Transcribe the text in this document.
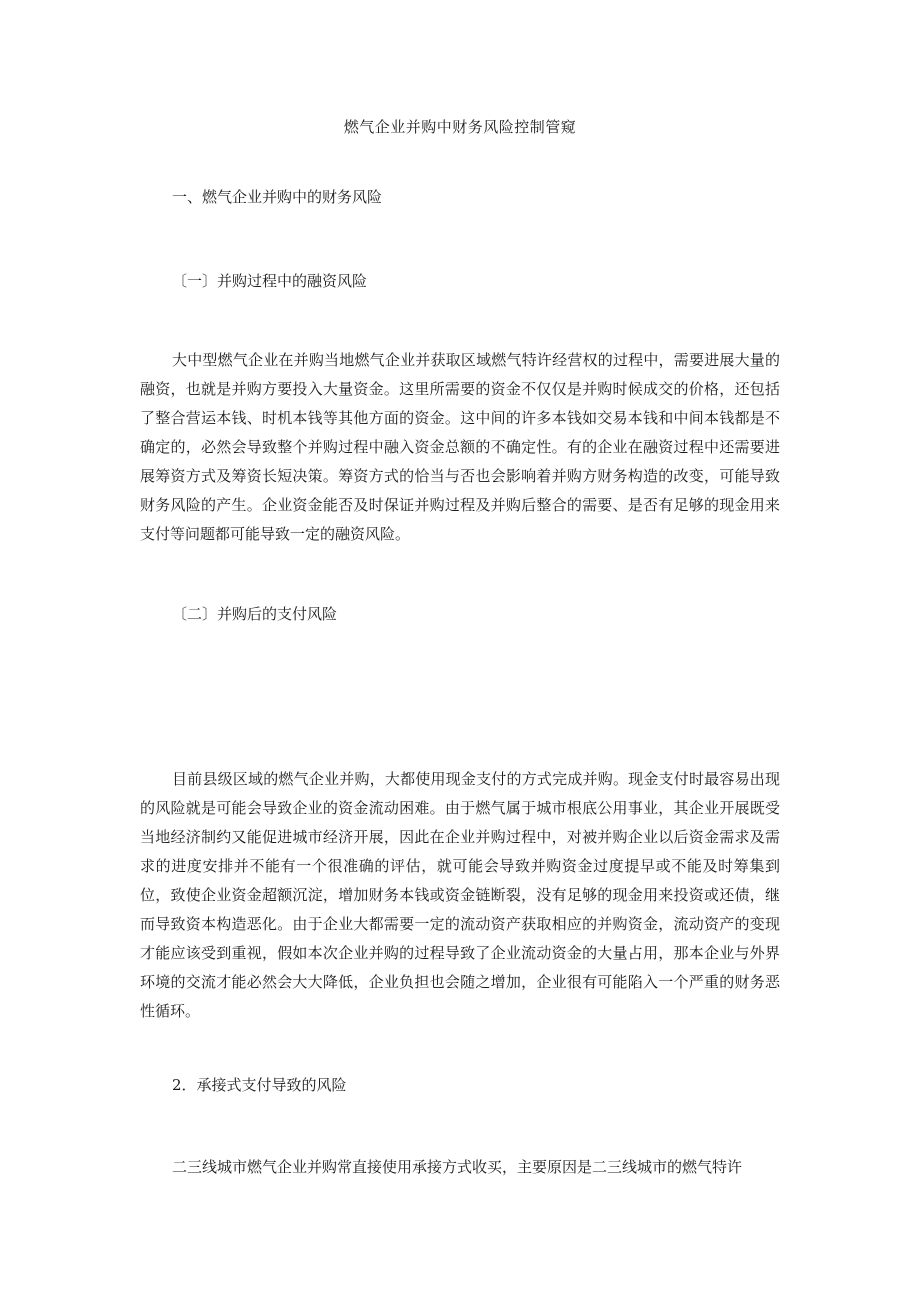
燃气企业并购中财务风险控制管窥
一、燃气企业并购中的财务风险
〔一〕并购过程中的融资风险
大中型燃气企业在并购当地燃气企业并获取区域燃气特许经营权的过程中，需要进展大量的融资，也就是并购方要投入大量资金。这里所需要的资金不仅仅是并购时候成交的价格，还包括了整合营运本钱、时机本钱等其他方面的资金。这中间的许多本钱如交易本钱和中间本钱都是不确定的，必然会导致整个并购过程中融入资金总额的不确定性。有的企业在融资过程中还需要进展筹资方式及筹资长短决策。筹资方式的恰当与否也会影响着并购方财务构造的改变，可能导致财务风险的产生。企业资金能否及时保证并购过程及并购后整合的需要、是否有足够的现金用来支付等问题都可能导致一定的融资风险。
〔二〕并购后的支付风险
目前县级区域的燃气企业并购，大都使用现金支付的方式完成并购。现金支付时最容易出现的风险就是可能会导致企业的资金流动困难。由于燃气属于城市根底公用事业，其企业开展既受当地经济制约又能促进城市经济开展，因此在企业并购过程中，对被并购企业以后资金需求及需求的进度安排并不能有一个很准确的评估，就可能会导致并购资金过度提早或不能及时筹集到位，致使企业资金超额沉淀，增加财务本钱或资金链断裂，没有足够的现金用来投资或还债，继而导致资本构造恶化。由于企业大都需要一定的流动资产获取相应的并购资金，流动资产的变现才能应该受到重视，假如本次企业并购的过程导致了企业流动资金的大量占用，那本企业与外界环境的交流才能必然会大大降低，企业负担也会随之增加，企业很有可能陷入一个严重的财务恶性循环。
2．承接式支付导致的风险
二三线城市燃气企业并购常直接使用承接方式收买，主要原因是二三线城市的燃气特许
